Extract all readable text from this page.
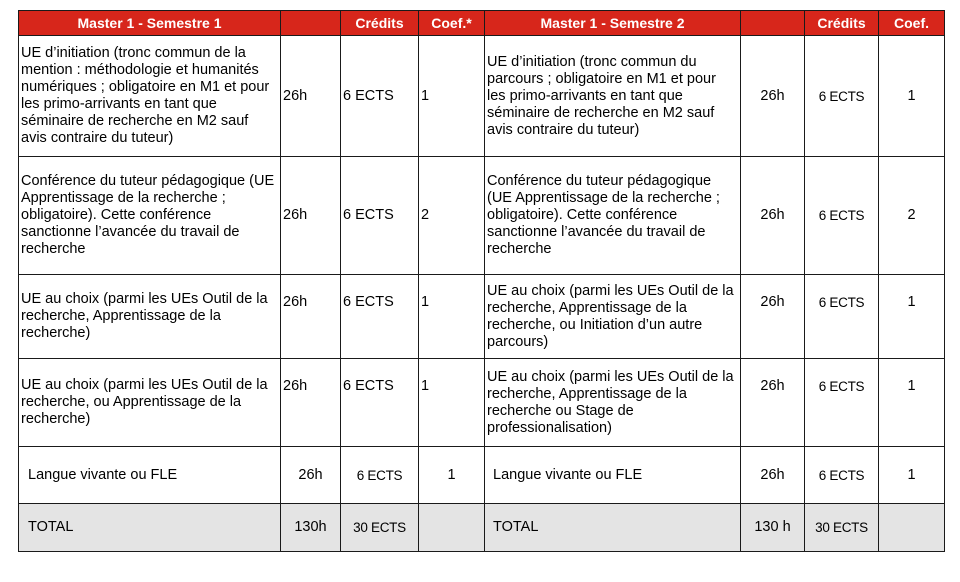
Master 1 - Semestre 1		Crédits	Coef.*	Master 1 - Semestre 2		Crédits	Coef.
UE d’initiation (tronc commun de la mention : méthodologie et humanités numériques ; obligatoire en M1 et pour les primo-arrivants en tant que séminaire de recherche en M2 sauf avis contraire du tuteur)	26h	6 ECTS	1	UE d’initiation (tronc commun du parcours ; obligatoire en M1 et pour les primo-arrivants en tant que séminaire de recherche en M2 sauf avis contraire du tuteur)	26h	6 ECTS	1
Conférence du tuteur pédagogique (UE Apprentissage de la recherche ; obligatoire). Cette conférence sanctionne l’avancée du travail de recherche	26h	6 ECTS	2	Conférence du tuteur pédagogique (UE Apprentissage de la recherche ; obligatoire). Cette conférence sanctionne l’avancée du travail de recherche	26h	6 ECTS	2
UE au choix (parmi les UEs Outil de la recherche, Apprentissage de la recherche)	26h	6 ECTS	1	UE au choix (parmi les UEs Outil de la recherche, Apprentissage de la recherche, ou Initiation d’un autre parcours)	26h	6 ECTS	1
UE au choix (parmi les UEs Outil de la recherche, ou Apprentissage de la recherche)	26h	6 ECTS	1	UE au choix (parmi les UEs Outil de la recherche, Apprentissage de la recherche ou Stage de professionalisation)	26h	6 ECTS	1
Langue vivante ou FLE	26h	6 ECTS	1	Langue vivante ou FLE	26h	6 ECTS	1
TOTAL	130h	30 ECTS		TOTAL	130 h	30 ECTS	
